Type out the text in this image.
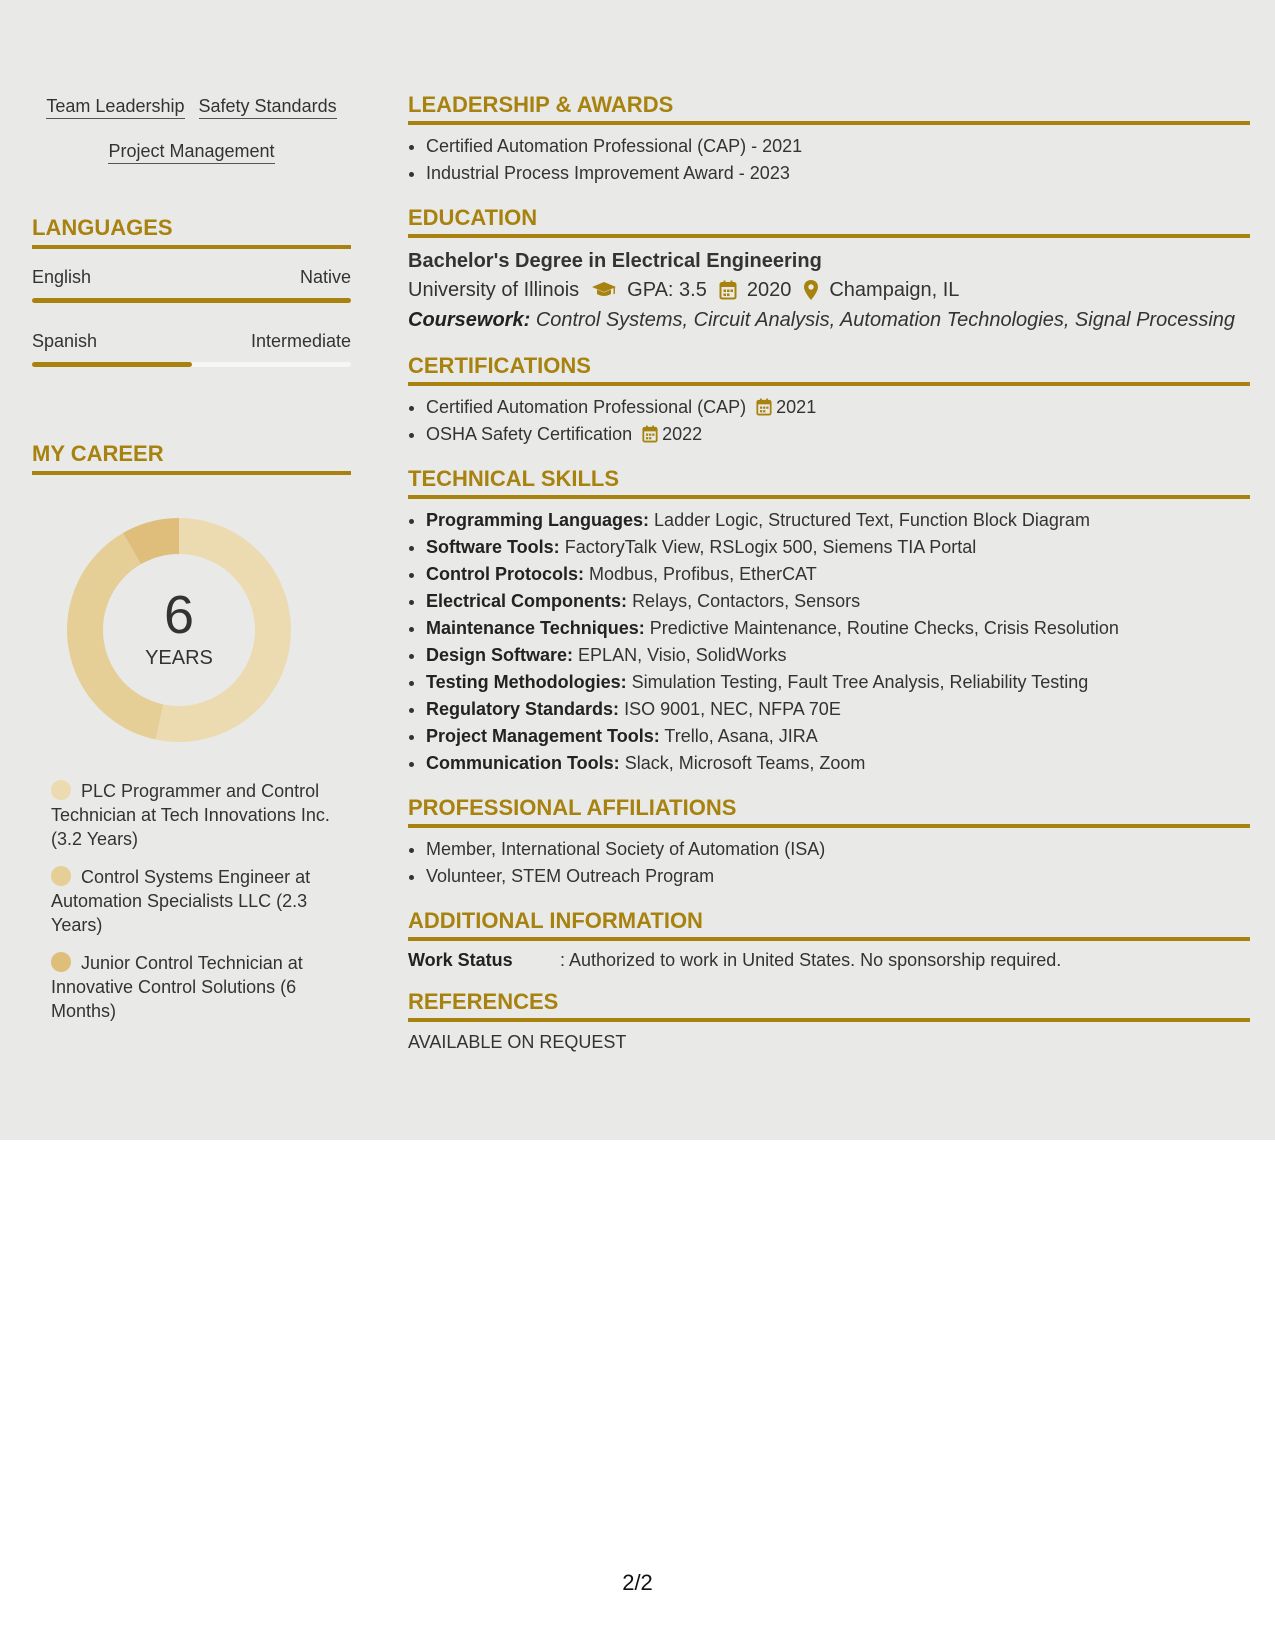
Team Leadership Safety Standards
Project Management
LANGUAGES
English	Native
Spanish	Intermediate
MY CAREER
6
YEARS
PLC Programmer and Control Technician at Tech Innovations Inc. (3.2 Years)
Control Systems Engineer at Automation Specialists LLC (2.3 Years)
Junior Control Technician at Innovative Control Solutions (6 Months)
LEADERSHIP & AWARDS
• Certified Automation Professional (CAP) - 2021
• Industrial Process Improvement Award - 2023
EDUCATION
Bachelor's Degree in Electrical Engineering
University of Illinois GPA: 3.5 2020 Champaign, IL
Coursework: Control Systems, Circuit Analysis, Automation Technologies, Signal Processing
CERTIFICATIONS
• Certified Automation Professional (CAP) 2021
• OSHA Safety Certification 2022
TECHNICAL SKILLS
• Programming Languages: Ladder Logic, Structured Text, Function Block Diagram
• Software Tools: FactoryTalk View, RSLogix 500, Siemens TIA Portal
• Control Protocols: Modbus, Profibus, EtherCAT
• Electrical Components: Relays, Contactors, Sensors
• Maintenance Techniques: Predictive Maintenance, Routine Checks, Crisis Resolution
• Design Software: EPLAN, Visio, SolidWorks
• Testing Methodologies: Simulation Testing, Fault Tree Analysis, Reliability Testing
• Regulatory Standards: ISO 9001, NEC, NFPA 70E
• Project Management Tools: Trello, Asana, JIRA
• Communication Tools: Slack, Microsoft Teams, Zoom
PROFESSIONAL AFFILIATIONS
• Member, International Society of Automation (ISA)
• Volunteer, STEM Outreach Program
ADDITIONAL INFORMATION
Work Status	: Authorized to work in United States. No sponsorship required.
REFERENCES
AVAILABLE ON REQUEST
2/2
